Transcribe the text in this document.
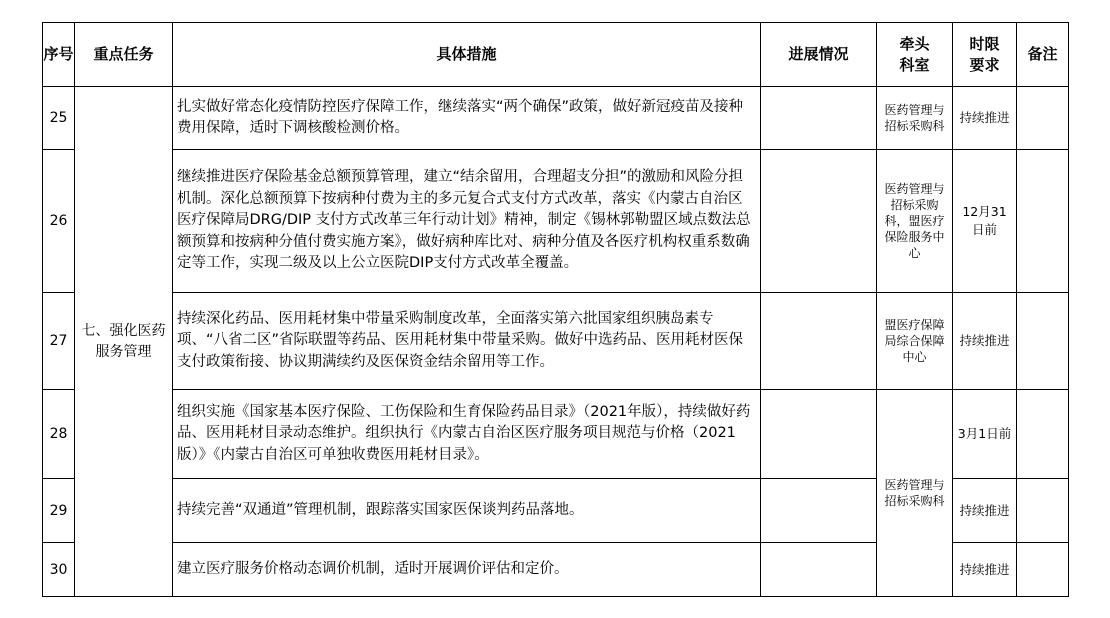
序号	重点任务	具体措施	进展情况	牵头科室	时限要求	备注
25	七、强化医药服务管理	扎实做好常态化疫情防控医疗保障工作，继续落实“两个确保”政策，做好新冠疫苗及接种费用保障，适时下调核酸检测价格。		医药管理与招标采购科	持续推进	
26		继续推进医疗保险基金总额预算管理，建立“结余留用，合理超支分担”的激励和风险分担机制。深化总额预算下按病种付费为主的多元复合式支付方式改革，落实《内蒙古自治区医疗保障局DRG/DIP 支付方式改革三年行动计划》精神，制定《锡林郭勒盟区域点数法总额预算和按病种分值付费实施方案》，做好病种库比对、病种分值及各医疗机构权重系数确定等工作，实现二级及以上公立医院DIP支付方式改革全覆盖。		医药管理与招标采购科，盟医疗保险服务中心	12月31日前	
27		持续深化药品、医用耗材集中带量采购制度改革，全面落实第六批国家组织胰岛素专项、“八省二区”省际联盟等药品、医用耗材集中带量采购。做好中选药品、医用耗材医保支付政策衔接、协议期满续约及医保资金结余留用等工作。		盟医疗保障局综合保障中心	持续推进	
28		组织实施《国家基本医疗保险、工伤保险和生育保险药品目录》（2021年版），持续做好药品、医用耗材目录动态维护。组织执行《内蒙古自治区医疗服务项目规范与价格（2021版）》《内蒙古自治区可单独收费医用耗材目录》。		医药管理与招标采购科	3月1日前	
29		持续完善“双通道”管理机制，跟踪落实国家医保谈判药品落地。			持续推进	
30		建立医疗服务价格动态调价机制，适时开展调价评估和定价。			持续推进	
